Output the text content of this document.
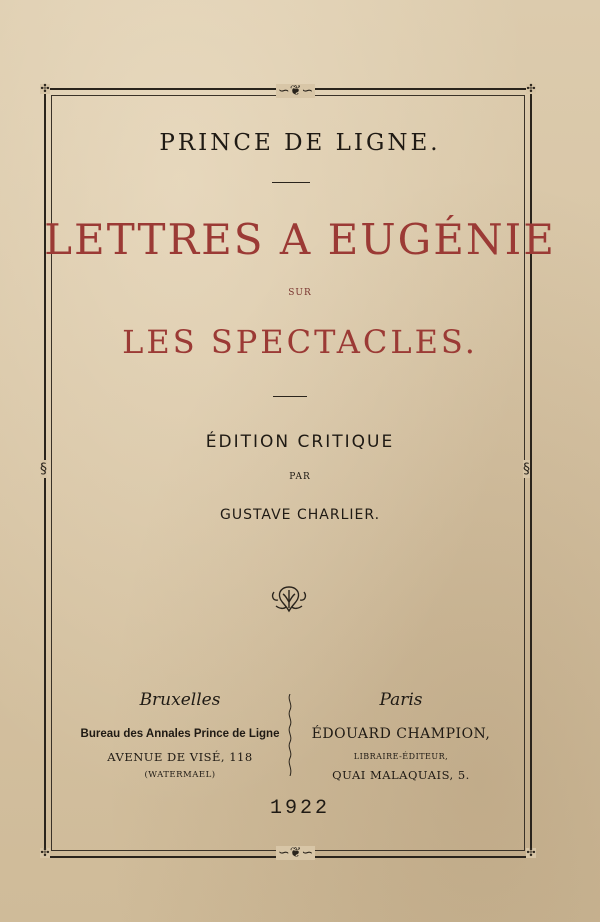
✣	✣
✣	✣
∽❦∽
∽❦∽
§	§
PRINCE DE LIGNE.
LETTRES A EUGÉNIE
SUR
LES SPECTACLES.
ÉDITION CRITIQUE
PAR
GUSTAVE CHARLIER.
Bruxelles	Paris
Bureau des Annales Prince de Ligne
AVENUE DE VISÉ, 118
(WATERMAEL)
ÉDOUARD CHAMPION,
LIBRAIRE-ÉDITEUR,
QUAI MALAQUAIS, 5.
1922
